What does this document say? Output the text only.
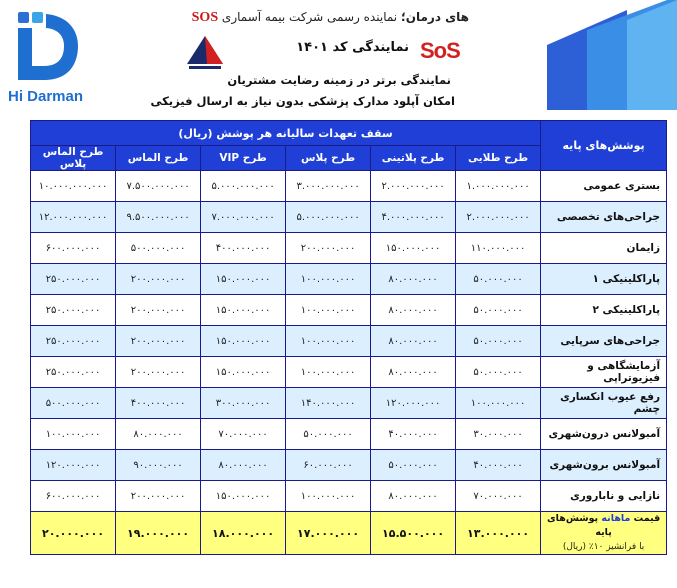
Hi Darman
های درمان؛ نماینده رسمی شرکت بیمه آسماری SOS
نمایندگی کد ۱۴۰۱ SoS
نمایندگی برتر در زمینه رضایت مشتریان
امکان آپلود مدارک پزشکی بدون نیاز به ارسال فیزیکی
پوشش‌های پایه	سقف تعهدات سالیانه هر پوشش (ریال)					
	طرح طلایی	طرح پلاتینی	طرح پلاس	طرح VIP	طرح الماس	طرح الماس پلاس
بستری عمومی	۱.۰۰۰.۰۰۰.۰۰۰	۲.۰۰۰.۰۰۰.۰۰۰	۳.۰۰۰.۰۰۰.۰۰۰	۵.۰۰۰.۰۰۰.۰۰۰	۷.۵۰۰.۰۰۰.۰۰۰	۱۰.۰۰۰.۰۰۰.۰۰۰
جراحی‌های تخصصی	۲.۰۰۰.۰۰۰.۰۰۰	۴.۰۰۰.۰۰۰.۰۰۰	۵.۰۰۰.۰۰۰.۰۰۰	۷.۰۰۰.۰۰۰.۰۰۰	۹.۵۰۰.۰۰۰.۰۰۰	۱۲.۰۰۰.۰۰۰.۰۰۰
زایمان	۱۱۰.۰۰۰.۰۰۰	۱۵۰.۰۰۰.۰۰۰	۲۰۰.۰۰۰.۰۰۰	۴۰۰.۰۰۰.۰۰۰	۵۰۰.۰۰۰.۰۰۰	۶۰۰.۰۰۰.۰۰۰
پاراکلینیکی ۱	۵۰.۰۰۰.۰۰۰	۸۰.۰۰۰.۰۰۰	۱۰۰.۰۰۰.۰۰۰	۱۵۰.۰۰۰.۰۰۰	۲۰۰.۰۰۰.۰۰۰	۲۵۰.۰۰۰.۰۰۰
پاراکلینیکی ۲	۵۰.۰۰۰.۰۰۰	۸۰.۰۰۰.۰۰۰	۱۰۰.۰۰۰.۰۰۰	۱۵۰.۰۰۰.۰۰۰	۲۰۰.۰۰۰.۰۰۰	۲۵۰.۰۰۰.۰۰۰
جراحی‌های سرپایی	۵۰.۰۰۰.۰۰۰	۸۰.۰۰۰.۰۰۰	۱۰۰.۰۰۰.۰۰۰	۱۵۰.۰۰۰.۰۰۰	۲۰۰.۰۰۰.۰۰۰	۲۵۰.۰۰۰.۰۰۰
آزمایشگاهی و فیزیوتراپی	۵۰.۰۰۰.۰۰۰	۸۰.۰۰۰.۰۰۰	۱۰۰.۰۰۰.۰۰۰	۱۵۰.۰۰۰.۰۰۰	۲۰۰.۰۰۰.۰۰۰	۲۵۰.۰۰۰.۰۰۰
رفع عیوب انکساری چشم	۱۰۰.۰۰۰.۰۰۰	۱۲۰.۰۰۰.۰۰۰	۱۴۰.۰۰۰.۰۰۰	۳۰۰.۰۰۰.۰۰۰	۴۰۰.۰۰۰.۰۰۰	۵۰۰.۰۰۰.۰۰۰
آمبولانس درون‌شهری	۳۰.۰۰۰.۰۰۰	۴۰.۰۰۰.۰۰۰	۵۰.۰۰۰.۰۰۰	۷۰.۰۰۰.۰۰۰	۸۰.۰۰۰.۰۰۰	۱۰۰.۰۰۰.۰۰۰
آمبولانس برون‌شهری	۴۰.۰۰۰.۰۰۰	۵۰.۰۰۰.۰۰۰	۶۰.۰۰۰.۰۰۰	۸۰.۰۰۰.۰۰۰	۹۰.۰۰۰.۰۰۰	۱۲۰.۰۰۰.۰۰۰
نازایی و ناباروری	۷۰.۰۰۰.۰۰۰	۸۰.۰۰۰.۰۰۰	۱۰۰.۰۰۰.۰۰۰	۱۵۰.۰۰۰.۰۰۰	۲۰۰.۰۰۰.۰۰۰	۶۰۰.۰۰۰.۰۰۰
قیمت ماهانه پوشش‌های پایه
با فرانشیز ۱۰٪ (ریال)	۱۳.۰۰۰.۰۰۰	۱۵.۵۰۰.۰۰۰	۱۷.۰۰۰.۰۰۰	۱۸.۰۰۰.۰۰۰	۱۹.۰۰۰.۰۰۰	۲۰.۰۰۰.۰۰۰
